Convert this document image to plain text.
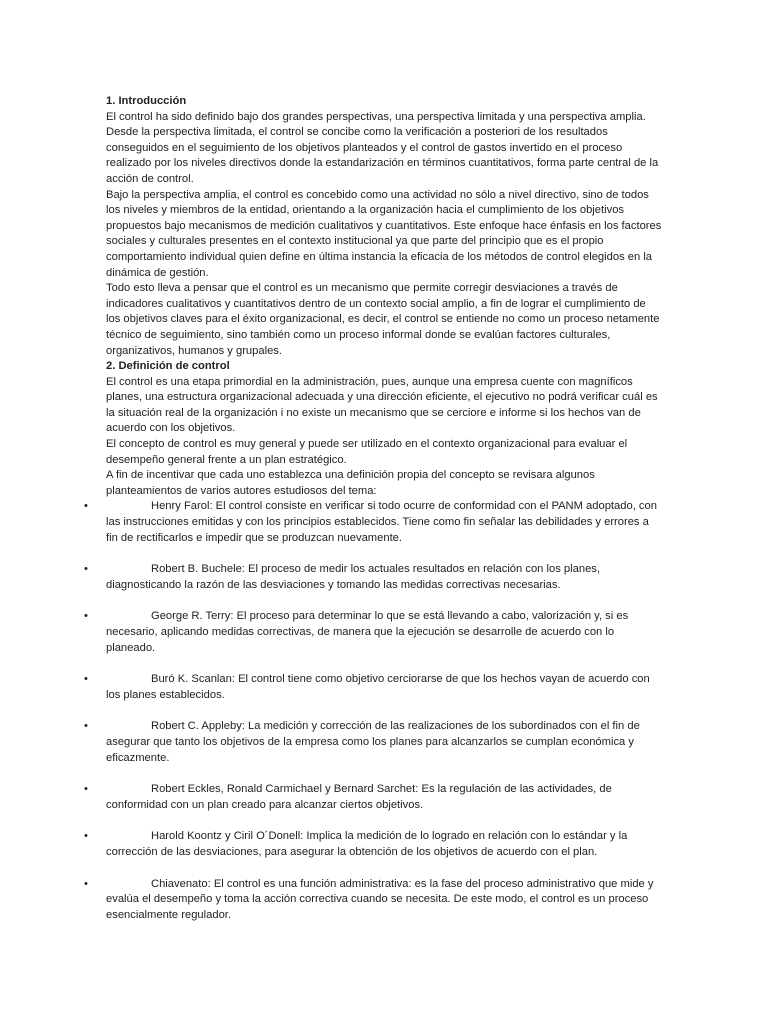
1. Introducción

El control ha sido definido bajo dos grandes perspectivas, una perspectiva limitada y una perspectiva amplia.

Desde la perspectiva limitada, el control se concibe como la verificación a posteriori de los resultados conseguidos en el seguimiento de los objetivos planteados y el control de gastos invertido en el proceso realizado por los niveles directivos donde la estandarización en términos cuantitativos, forma parte central de la acción de control.

Bajo la perspectiva amplia, el control es concebido como una actividad no sólo a nivel directivo, sino de todos los niveles y miembros de la entidad, orientando a la organización hacia el cumplimiento de los objetivos propuestos bajo mecanismos de medición cualitativos y cuantitativos. Este enfoque hace énfasis en los factores sociales y culturales presentes en el contexto institucional ya que parte del principio que es el propio comportamiento individual quien define en última instancia la eficacia de los métodos de control elegidos en la dinámica de gestión.

Todo esto lleva a pensar que el control es un mecanismo que permite corregir desviaciones a través de indicadores cualitativos y cuantitativos dentro de un contexto social amplio, a fin de lograr el cumplimiento de los objetivos claves para el éxito organizacional, es decir, el control se entiende no como un proceso netamente técnico de seguimiento, sino también como un proceso informal donde se evalúan factores culturales, organizativos, humanos y grupales.

2. Definición de control

El control es una etapa primordial en la administración, pues, aunque una empresa cuente con magníficos planes, una estructura organizacional adecuada y una dirección eficiente, el ejecutivo no podrá verificar cuál es la situación real de la organización i no existe un mecanismo que se cerciore e informe si los hechos van de acuerdo con los objetivos.

El concepto de control es muy general y puede ser utilizado en el contexto organizacional para evaluar el desempeño general frente a un plan estratégico.

A fin de incentivar que cada uno establezca una definición propia del concepto se revisara algunos planteamientos de varios autores estudiosos del tema:

•	Henry Farol: El control consiste en verificar si todo ocurre de conformidad con el PANM adoptado, con las instrucciones emitidas y con los principios establecidos. Tiene como fin señalar las debilidades y errores a fin de rectificarlos e impedir que se produzcan nuevamente.
•	Robert B. Buchele: El proceso de medir los actuales resultados en relación con los planes, diagnosticando la razón de las desviaciones y tomando las medidas correctivas necesarias.
•	George R. Terry: El proceso para determinar lo que se está llevando a cabo, valorización y, si es necesario, aplicando medidas correctivas, de manera que la ejecución se desarrolle de acuerdo con lo planeado.
•	Buró K. Scanlan: El control tiene como objetivo cerciorarse de que los hechos vayan de acuerdo con los planes establecidos.
•	Robert C. Appleby: La medición y corrección de las realizaciones de los subordinados con el fin de asegurar que tanto los objetivos de la empresa como los planes para alcanzarlos se cumplan económica y eficazmente.
•	Robert Eckles, Ronald Carmichael y Bernard Sarchet: Es la regulación de las actividades, de conformidad con un plan creado para alcanzar ciertos objetivos.
•	Harold Koontz y Ciril O´Donell: Implica la medición de lo logrado en relación con lo estándar y la corrección de las desviaciones, para asegurar la obtención de los objetivos de acuerdo con el plan.
•	Chiavenato: El control es una función administrativa: es la fase del proceso administrativo que mide y evalúa el desempeño y toma la acción correctiva cuando se necesita. De este modo, el control es un proceso esencialmente regulador.
